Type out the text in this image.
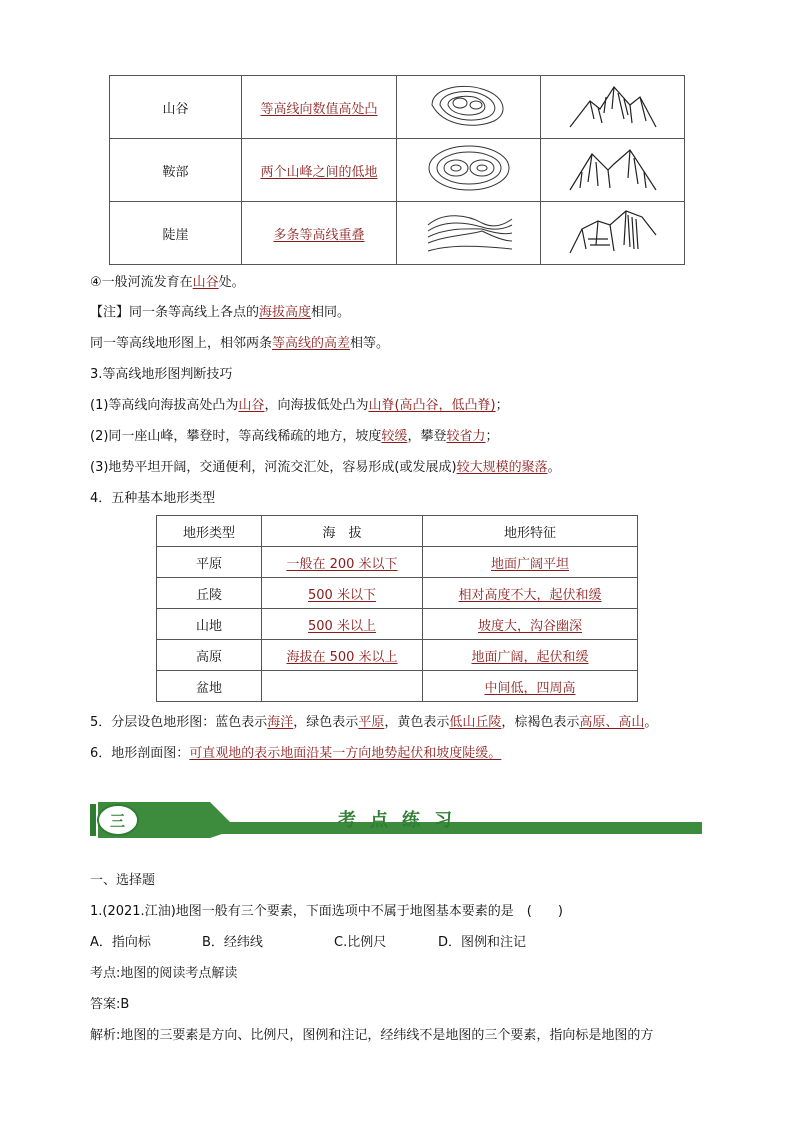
山谷	等高线向数值高处凸		
鞍部	两个山峰之间的低地		
陡崖	多条等高线重叠		
④一般河流发育在山谷处。
【注】同一条等高线上各点的海拔高度相同。
同一等高线地形图上，相邻两条等高线的高差相等。
3.等高线地形图判断技巧
(1)等高线向海拔高处凸为山谷，向海拔低处凸为山脊(高凸谷，低凸脊)；
(2)同一座山峰，攀登时，等高线稀疏的地方，坡度较缓，攀登较省力；
(3)地势平坦开阔，交通便利，河流交汇处，容易形成(或发展成)较大规模的聚落。
4．五种基本地形类型
地形类型	海　拔	地形特征
平原	一般在 200 米以下	地面广阔平坦
丘陵	500 米以下	相对高度不大，起伏和缓
山地	500 米以上	坡度大，沟谷幽深
高原	海拔在 500 米以上	地面广阔，起伏和缓
盆地		中间低，四周高
5．分层设色地形图：蓝色表示海洋，绿色表示平原，黄色表示低山丘陵，棕褐色表示高原、高山。
6．地形剖面图：可直观地的表示地面沿某一方向地势起伏和坡度陡缓。
三	考点练习
一、选择题
1.(2021.江油)地图一般有三个要素，下面选项中不属于地图基本要素的是　(　　)
A．指向标	B．经纬线	C.比例尺	D．图例和注记
考点:地图的阅读考点解读
答案:B
解析:地图的三要素是方向、比例尺，图例和注记，经纬线不是地图的三个要素，指向标是地图的方
